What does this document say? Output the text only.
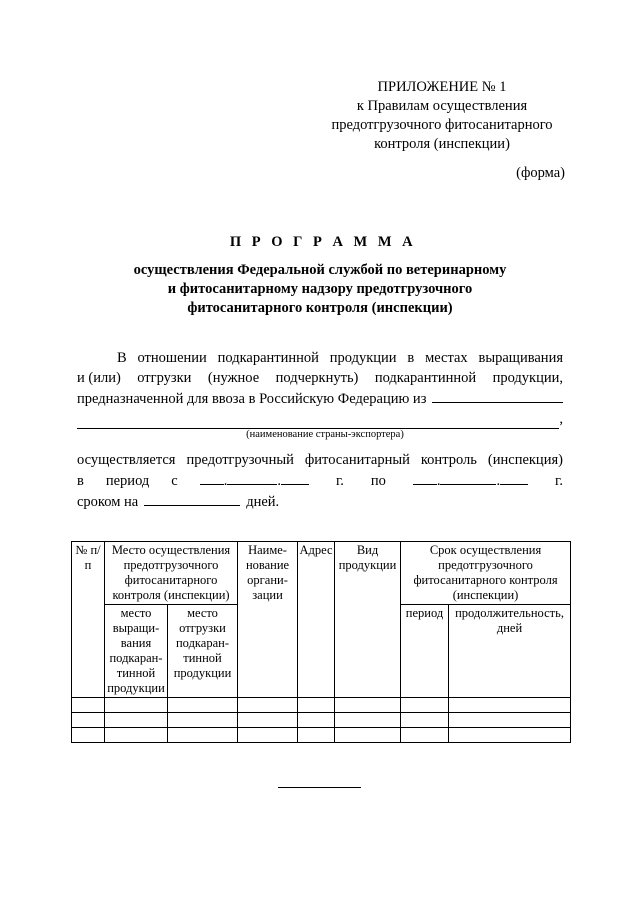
ПРИЛОЖЕНИЕ № 1
к Правилам осуществления
предотгрузочного фитосанитарного
контроля (инспекции)
(форма)
П Р О Г Р А М М А
осуществления Федеральной службой по ветеринарному
и фитосанитарному надзору предотгрузочного
фитосанитарного контроля (инспекции)
В отношении подкарантинной продукции в местах выращивания
и (или) отгрузки (нужное подчеркнуть) подкарантинной продукции,
предназначенной для ввоза в Российскую Федерацию из
,
(наименование страны-экспортера)
осуществляется предотгрузочный фитосанитарный контроль (инспекция)
в период с	.	.	г. по	.	.	г.
сроком на	дней.
№ п/п	Место осуществления предотгрузочного фитосанитарного контроля (инспекции)		Наиме-нование органи-зации	Адрес	Вид продукции	Срок осуществления предотгрузочного фитосанитарного контроля (инспекции)	
	место выращи-вания подкаран-тинной продукции	место отгрузки подкаран-тинной продукции				период	продолжительность, дней
